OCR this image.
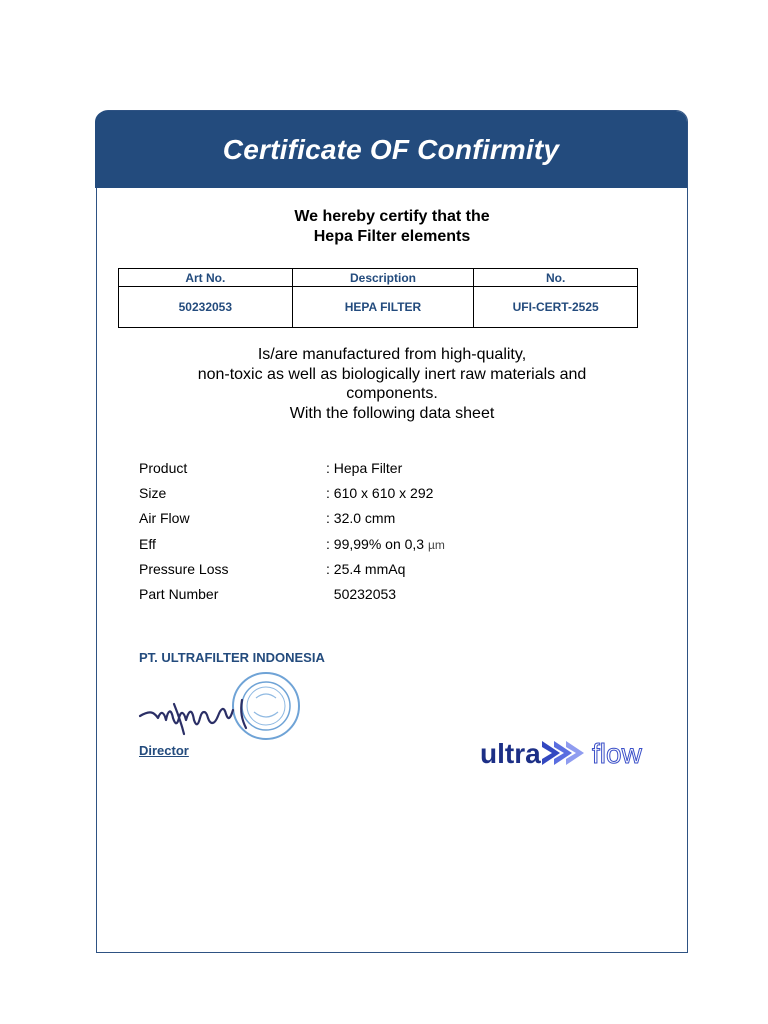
Certificate OF Confirmity
We hereby certify that the
Hepa Filter elements
Art No.	Description	No.
50232053	HEPA FILTER	UFI-CERT-2525
Is/are manufactured from high-quality,
non-toxic as well as biologically inert raw materials and
components.
With the following data sheet
Product	: Hepa Filter
Size	: 610 x 610 x 292
Air Flow	: 32.0 cmm
Eff	: 99,99% on 0,3 µm
Pressure Loss	: 25.4 mmAq
Part Number	50232053
PT. ULTRAFILTER INDONESIA
Director	ultra flow
